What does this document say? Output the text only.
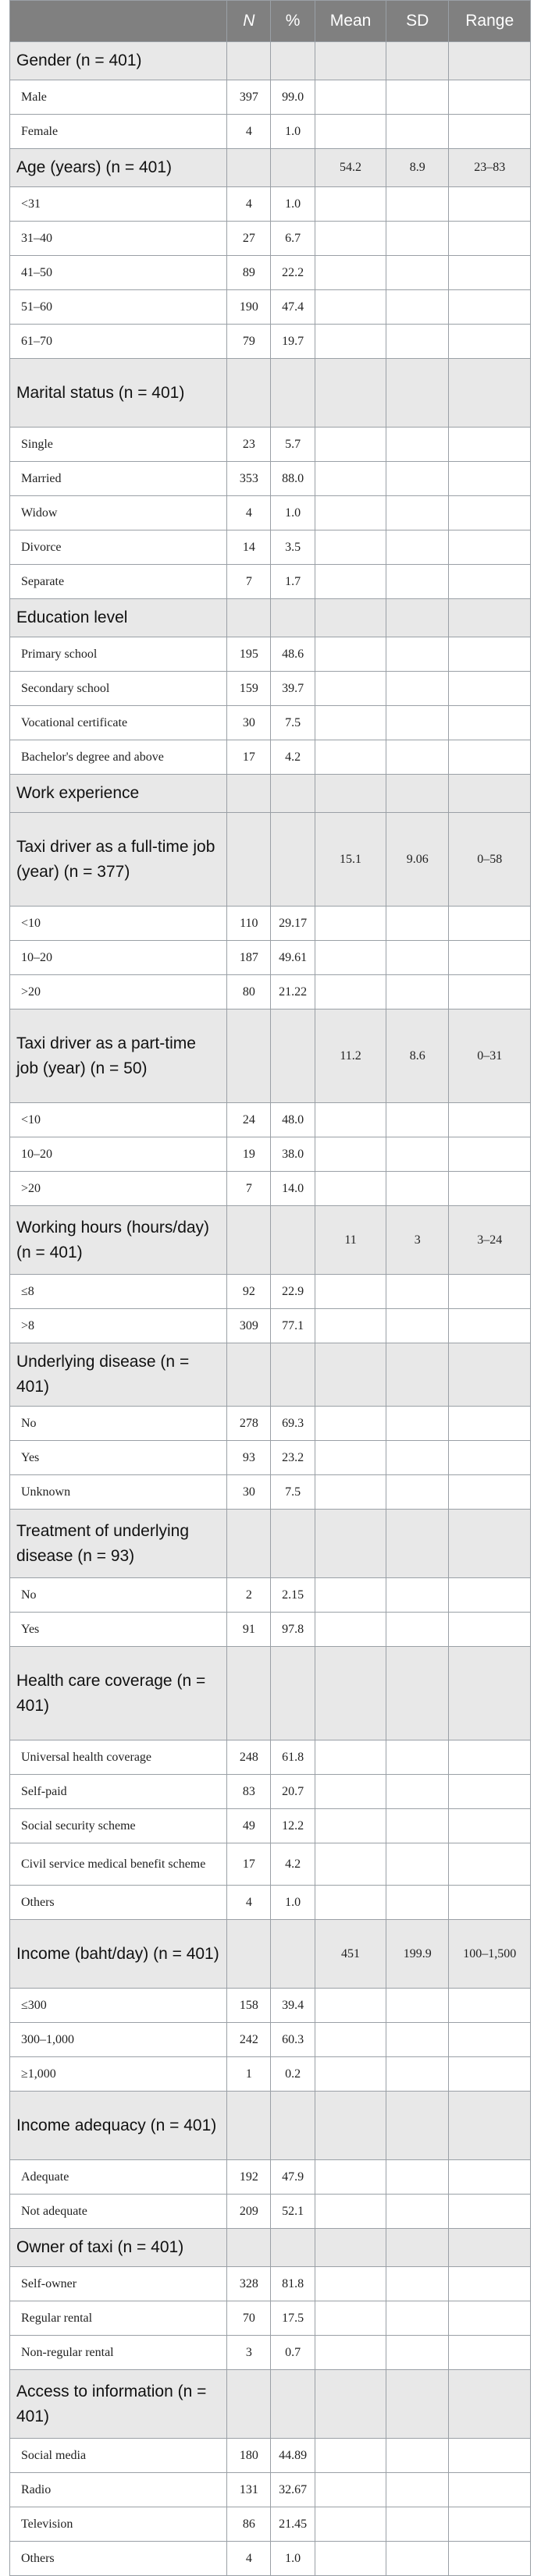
	N	%	Mean	SD	Range
Gender (n = 401)					
Male	397	99.0			
Female	4	1.0			
Age (years) (n = 401)			54.2	8.9	23–83
<31	4	1.0			
31–40	27	6.7			
41–50	89	22.2			
51–60	190	47.4			
61–70	79	19.7			
Marital status (n = 401)					
Single	23	5.7			
Married	353	88.0			
Widow	4	1.0			
Divorce	14	3.5			
Separate	7	1.7			
Education level					
Primary school	195	48.6			
Secondary school	159	39.7			
Vocational certificate	30	7.5			
Bachelor's degree and above	17	4.2			
Work experience					
Taxi driver as a full-time job (year) (n = 377)			15.1	9.06	0–58
<10	110	29.17			
10–20	187	49.61			
>20	80	21.22			
Taxi driver as a part-time job (year) (n = 50)			11.2	8.6	0–31
<10	24	48.0			
10–20	19	38.0			
>20	7	14.0			
Working hours (hours/day) (n = 401)			11	3	3–24
≤8	92	22.9			
>8	309	77.1			
Underlying disease (n = 401)					
No	278	69.3			
Yes	93	23.2			
Unknown	30	7.5			
Treatment of underlying disease (n = 93)					
No	2	2.15			
Yes	91	97.8			
Health care coverage (n = 401)					
Universal health coverage	248	61.8			
Self-paid	83	20.7			
Social security scheme	49	12.2			
Civil service medical benefit scheme	17	4.2			
Others	4	1.0			
Income (baht/day) (n = 401)			451	199.9	100–1,500
≤300	158	39.4			
300–1,000	242	60.3			
≥1,000	1	0.2			
Income adequacy (n = 401)					
Adequate	192	47.9			
Not adequate	209	52.1			
Owner of taxi (n = 401)					
Self-owner	328	81.8			
Regular rental	70	17.5			
Non-regular rental	3	0.7			
Access to information (n = 401)					
Social media	180	44.89			
Radio	131	32.67			
Television	86	21.45			
Others	4	1.0			
